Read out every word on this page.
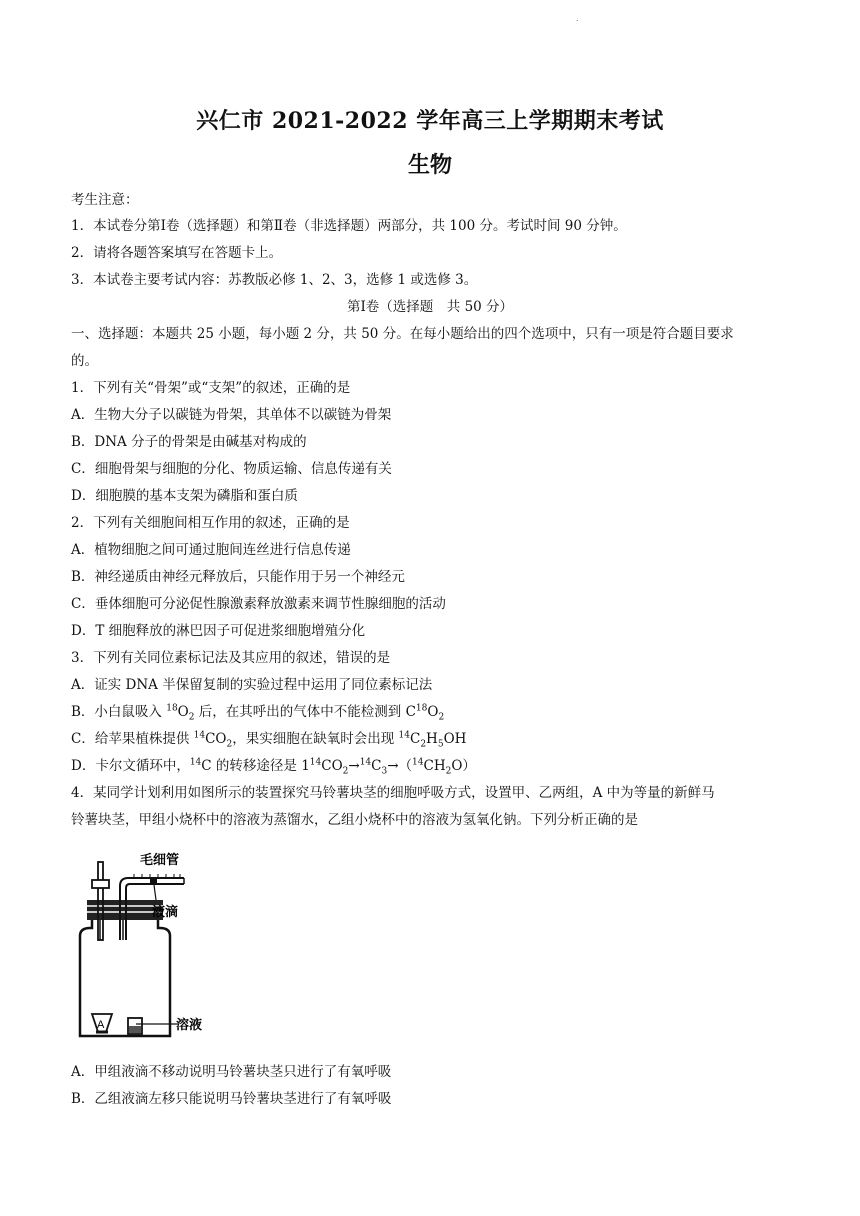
.
兴仁市 2021-2022 学年高三上学期期末考试
生物
考生注意：
1．本试卷分第Ⅰ卷（选择题）和第Ⅱ卷（非选择题）两部分，共 100 分。考试时间 90 分钟。
2．请将各题答案填写在答题卡上。
3．本试卷主要考试内容：苏教版必修 1、2、3，选修 1 或选修 3。
第Ⅰ卷（选择题　共 50 分）
一、选择题：本题共 25 小题，每小题 2 分，共 50 分。在每小题给出的四个选项中，只有一项是符合题目要求
的。
1．下列有关“骨架”或“支架”的叙述，正确的是
A．生物大分子以碳链为骨架，其单体不以碳链为骨架
B．DNA 分子的骨架是由碱基对构成的
C．细胞骨架与细胞的分化、物质运输、信息传递有关
D．细胞膜的基本支架为磷脂和蛋白质
2．下列有关细胞间相互作用的叙述，正确的是
A．植物细胞之间可通过胞间连丝进行信息传递
B．神经递质由神经元释放后，只能作用于另一个神经元
C．垂体细胞可分泌促性腺激素释放激素来调节性腺细胞的活动
D．T 细胞释放的淋巴因子可促进浆细胞增殖分化
3．下列有关同位素标记法及其应用的叙述，错误的是
A．证实 DNA 半保留复制的实验过程中运用了同位素标记法
B．小白鼠吸入 $^{18}O_2$ 后，在其呼出的气体中不能检测到 $C^{18}O_2$
C．给苹果植株提供 $^{14}CO_2$，果实细胞在缺氧时会出现 $^{14}C_2H_5OH$
D．卡尔文循环中，$^{14}$C 的转移途径是 $1^{14}CO_2\to^{14}C_3\to(^{14}CH_2O)$
4．某同学计划利用如图所示的装置探究马铃薯块茎的细胞呼吸方式，设置甲、乙两组，A 中为等量的新鲜马
铃薯块茎，甲组小烧杯中的溶液为蒸馏水，乙组小烧杯中的溶液为氢氧化钠。下列分析正确的是
毛细管
液滴
溶液
A
A．甲组液滴不移动说明马铃薯块茎只进行了有氧呼吸
B．乙组液滴左移只能说明马铃薯块茎进行了有氧呼吸
